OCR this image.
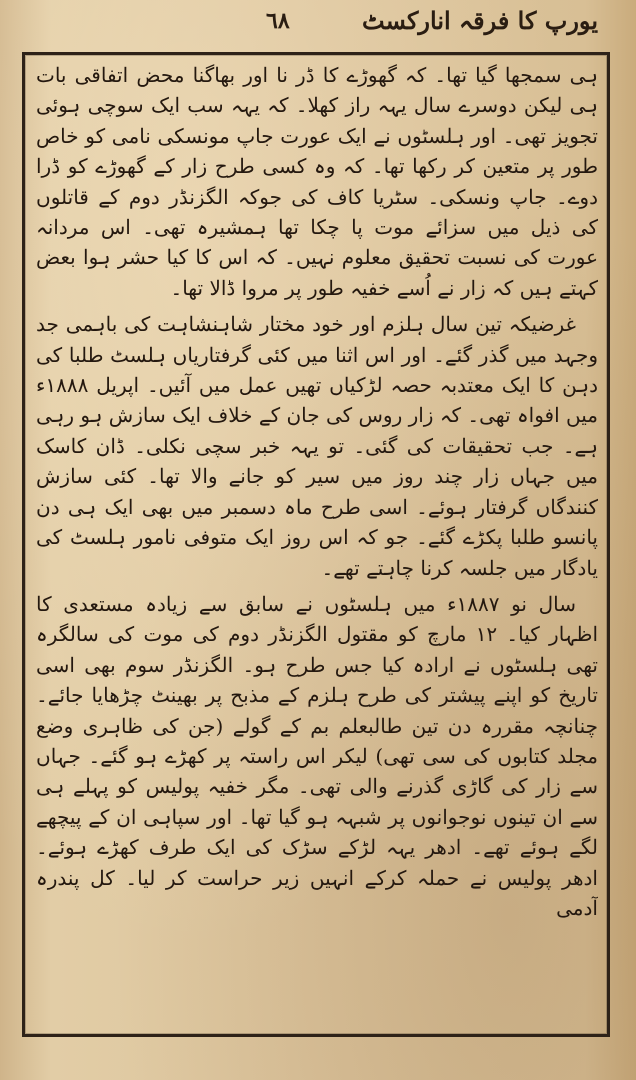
یورپ کا فرقہ انارکسٹ
٦٨

ہی سمجھا گیا تھا۔ کہ گھوڑے کا ڈر نا اور بھاگنا محض اتفاقی بات ہی لیکن دوسرے سال یہہ راز کھلا۔ کہ یہہ سب ایک سوچی ہوئی تجویز تھی۔ اور ہلسٹوں نے ایک عورت جاپ مونسکی نامی کو خاص طور پر متعین کر رکھا تھا۔ کہ وہ کسی طرح زار کے گھوڑے کو ڈرا دوے۔ جاپ ونسکی۔ سٹریا کاف کی جوکہ الگزنڈر دوم کے قاتلوں کی ذیل میں سزائے موت پا چکا تھا ہمشیرہ تھی۔ اس مردانہ عورت کی نسبت تحقیق معلوم نہیں۔ کہ اس کا کیا حشر ہوا بعض کہتے ہیں کہ زار نے اُسے خفیہ طور پر مروا ڈالا تھا۔

غرضیکہ تین سال ہلزم اور خود مختار شاہنشاہت کی باہمی جد وجہد میں گذر گئے۔ اور اس اثنا میں کئی گرفتاریاں ہلسٹ طلبا کی دہن کا ایک معتدبہ حصہ لڑکیاں تھیں عمل میں آئیں۔ اپریل ۱۸۸۸ء میں افواہ تھی۔ کہ زار روس کی جان کے خلاف ایک سازش ہو رہی ہے۔ جب تحقیقات کی گئی۔ تو یہہ خبر سچی نکلی۔ ڈان کاسک میں جہاں زار چند روز میں سیر کو جانے والا تھا۔ کئی سازش کنندگاں گرفتار ہوئے۔ اسی طرح ماہ دسمبر میں بھی ایک ہی دن پانسو طلبا پکڑے گئے۔ جو کہ اس روز ایک متوفی نامور ہلسٹ کی یادگار میں جلسہ کرنا چاہتے تھے۔

سال نو ۱۸۸۷ء میں ہلسٹوں نے سابق سے زیادہ مستعدی کا اظہار کیا۔ ۱۲ مارچ کو مقتول الگزنڈر دوم کی موت کی سالگرہ تھی ہلسٹوں نے ارادہ کیا جس طرح ہو۔ الگزنڈر سوم بھی اسی تاریخ کو اپنے پیشتر کی طرح ہلزم کے مذبح پر بھینٹ چڑھایا جائے۔ چنانچہ مقررہ دن تین طالبعلم بم کے گولے (جن کی ظاہری وضع مجلد کتابوں کی سی تھی) لیکر اس راستہ پر کھڑے ہو گئے۔ جہاں سے زار کی گاڑی گذرنے والی تھی۔ مگر خفیہ پولیس کو پہلے ہی سے ان تینوں نوجوانوں پر شبہہ ہو گیا تھا۔ اور سپاہی ان کے پیچھے لگے ہوئے تھے۔ ادھر یہہ لڑکے سڑک کی ایک طرف کھڑے ہوئے۔ ادھر پولیس نے حملہ کرکے انہیں زیر حراست کر لیا۔ کل پندرہ آدمی
